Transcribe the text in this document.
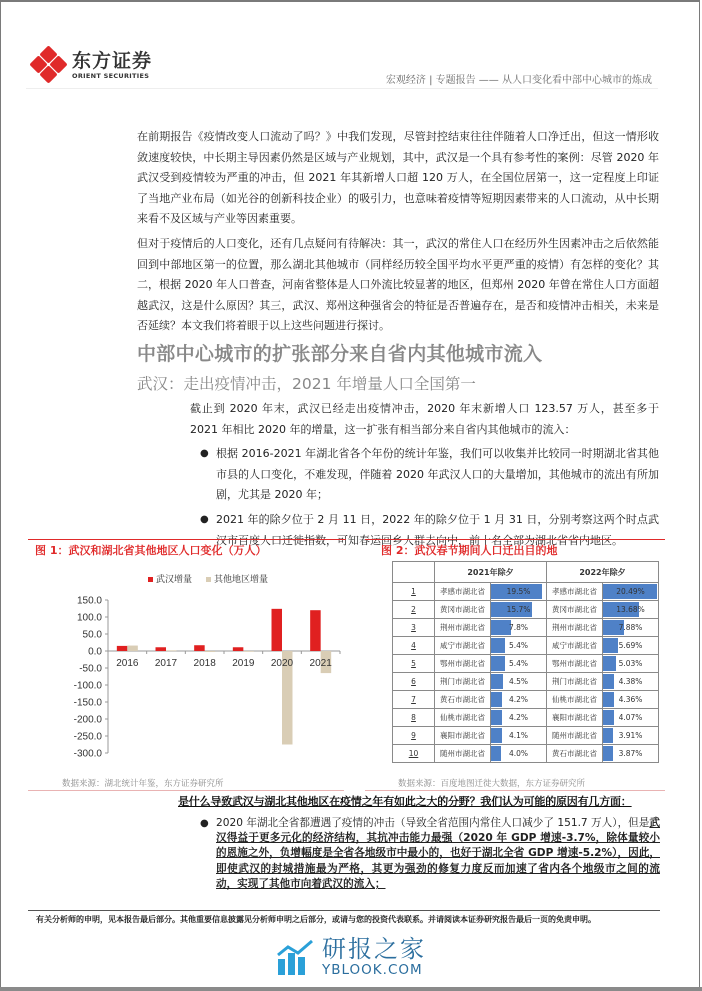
东方证券
ORIENT SECURITIES	宏观经济 | 专题报告 —— 从人口变化看中部中心城市的炼成

在前期报告《疫情改变人口流动了吗？》中我们发现，尽管封控结束往往伴随着人口净迁出，但这一情形收敛速度较快，中长期主导因素仍然是区域与产业规划，其中，武汉是一个具有参考性的案例：尽管 2020 年武汉受到疫情较为严重的冲击，但 2021 年其新增人口超 120 万人，在全国位居第一，这一定程度上印证了当地产业布局（如光谷的创新科技企业）的吸引力，也意味着疫情等短期因素带来的人口流动，从中长期来看不及区域与产业等因素重要。

但对于疫情后的人口变化，还有几点疑问有待解决：其一，武汉的常住人口在经历外生因素冲击之后依然能回到中部地区第一的位置，那么湖北其他城市（同样经历较全国平均水平更严重的疫情）有怎样的变化？其二，根据 2020 年人口普查，河南省整体是人口外流比较显著的地区，但郑州 2020 年曾在常住人口方面超越武汉，这是什么原因？其三，武汉、郑州这种强省会的特征是否普遍存在，是否和疫情冲击相关，未来是否延续？本文我们将着眼于以上这些问题进行探讨。

中部中心城市的扩张部分来自省内其他城市流入
武汉：走出疫情冲击，2021 年增量人口全国第一

截止到 2020 年末，武汉已经走出疫情冲击，2020 年末新增人口 123.57 万人，甚至多于 2021 年相比 2020 年的增量，这一扩张有相当部分来自省内其他城市的流入：

● 根据 2016-2021 年湖北省各个年份的统计年鉴，我们可以收集并比较同一时期湖北省其他市县的人口变化，不难发现，伴随着 2020 年武汉人口的大量增加，其他城市的流出有所加剧，尤其是 2020 年；
● 2021 年的除夕位于 2 月 11 日，2022 年的除夕位于 1 月 31 日，分别考察这两个时点武汉市百度人口迁徙指数，可知春运回乡人群去向中，前十名全部为湖北省省内地区。
图 1：武汉和湖北省其他地区人口变化（万人）
武汉增量	其他地区增量
150.0
100.0
50.0
0.0
-50.0
-100.0
-150.0
-200.0
-250.0
-300.0
2016 2017 2018 2019 2020 2021
数据来源：湖北统计年鉴，东方证券研究所
图 2：武汉春节期间人口迁出目的地
	2021年除夕		2022年除夕	
1	孝感市湖北省	19.5%	孝感市湖北省	20.49%
2	黄冈市湖北省	15.7%	黄冈市湖北省	13.68%
3	荆州市湖北省	7.8%	荆州市湖北省	7.88%
4	咸宁市湖北省	5.4%	咸宁市湖北省	5.69%
5	鄂州市湖北省	5.4%	鄂州市湖北省	5.03%
6	荆门市湖北省	4.5%	荆门市湖北省	4.38%
7	黄石市湖北省	4.2%	仙桃市湖北省	4.36%
8	仙桃市湖北省	4.2%	襄阳市湖北省	4.07%
9	襄阳市湖北省	4.1%	随州市湖北省	3.91%
10	随州市湖北省	4.0%	黄石市湖北省	3.87%
数据来源：百度地图迁徙大数据，东方证券研究所
是什么导致武汉与湖北其他地区在疫情之年有如此之大的分野？我们认为可能的原因有几方面：
● 2020 年湖北全省都遭遇了疫情的冲击（导致全省范围内常住人口减少了 151.7 万人），但是武汉得益于更多元化的经济结构，其抗冲击能力最强（2020 年 GDP 增速-3.7%，除体量较小的恩施之外，负增幅度是全省各地级市中最小的，也好于湖北全省 GDP 增速-5.2%），因此，即使武汉的封城措施最为严格，其更为强劲的修复力度反而加速了省内各个地级市之间的流动，实现了其他市向着武汉的流入；
有关分析师的申明，见本报告最后部分。其他重要信息披露见分析师申明之后部分，或请与您的投资代表联系。并请阅读本证券研究报告最后一页的免责申明。
研报之家
YBLOOK.COM
